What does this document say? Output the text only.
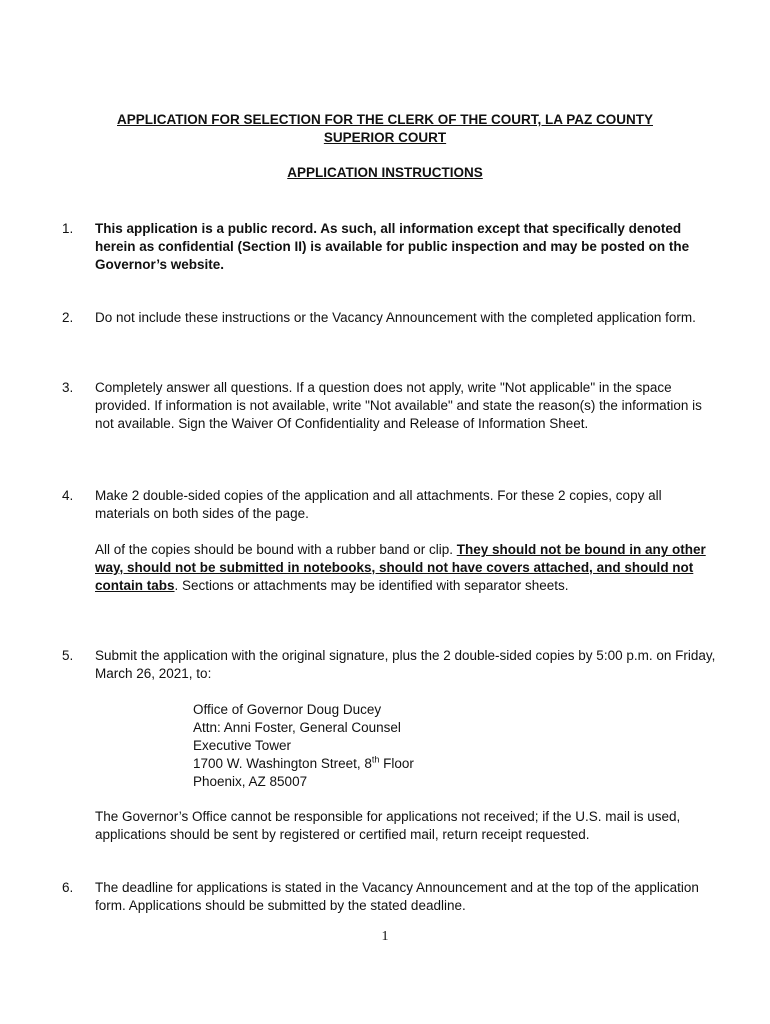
APPLICATION FOR SELECTION FOR THE CLERK OF THE COURT, LA PAZ COUNTY
SUPERIOR COURT
APPLICATION INSTRUCTIONS
1. This application is a public record. As such, all information except that specifically denoted herein as confidential (Section II) is available for public inspection and may be posted on the Governor’s website.
2. Do not include these instructions or the Vacancy Announcement with the completed application form.
3. Completely answer all questions. If a question does not apply, write "Not applicable" in the space provided. If information is not available, write "Not available" and state the reason(s) the information is not available. Sign the Waiver Of Confidentiality and Release of Information Sheet.
4. Make 2 double-sided copies of the application and all attachments. For these 2 copies, copy all materials on both sides of the page.
All of the copies should be bound with a rubber band or clip. They should not be bound in any other way, should not be submitted in notebooks, should not have covers attached, and should not contain tabs. Sections or attachments may be identified with separator sheets.
5. Submit the application with the original signature, plus the 2 double-sided copies by 5:00 p.m. on Friday, March 26, 2021, to:
Office of Governor Doug Ducey
Attn: Anni Foster, General Counsel
Executive Tower
1700 W. Washington Street, 8th Floor
Phoenix, AZ 85007
The Governor’s Office cannot be responsible for applications not received; if the U.S. mail is used, applications should be sent by registered or certified mail, return receipt requested.
6. The deadline for applications is stated in the Vacancy Announcement and at the top of the application form. Applications should be submitted by the stated deadline.
1
